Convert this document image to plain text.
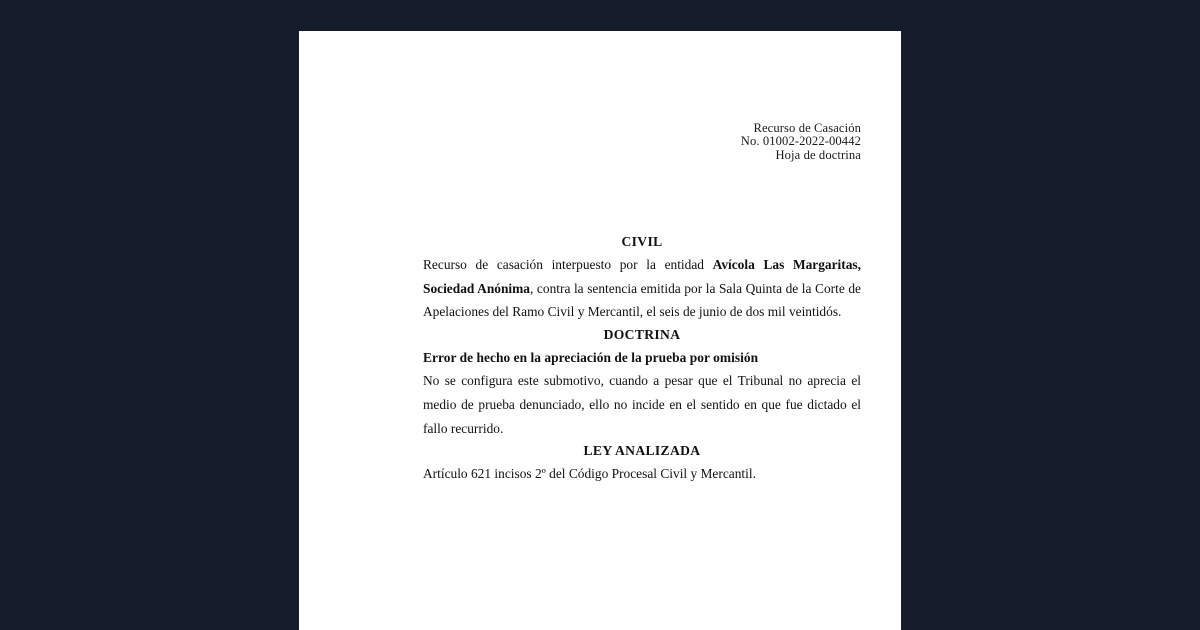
Recurso de Casación
No. 01002-2022-00442
Hoja de doctrina
CIVIL

Recurso de casación interpuesto por la entidad Avícola Las Margaritas, Sociedad Anónima, contra la sentencia emitida por la Sala Quinta de la Corte de Apelaciones del Ramo Civil y Mercantil, el seis de junio de dos mil veintidós.

DOCTRINA
Error de hecho en la apreciación de la prueba por omisión

No se configura este submotivo, cuando a pesar que el Tribunal no aprecia el medio de prueba denunciado, ello no incide en el sentido en que fue dictado el fallo recurrido.

LEY ANALIZADA

Artículo 621 incisos 2º del Código Procesal Civil y Mercantil.
